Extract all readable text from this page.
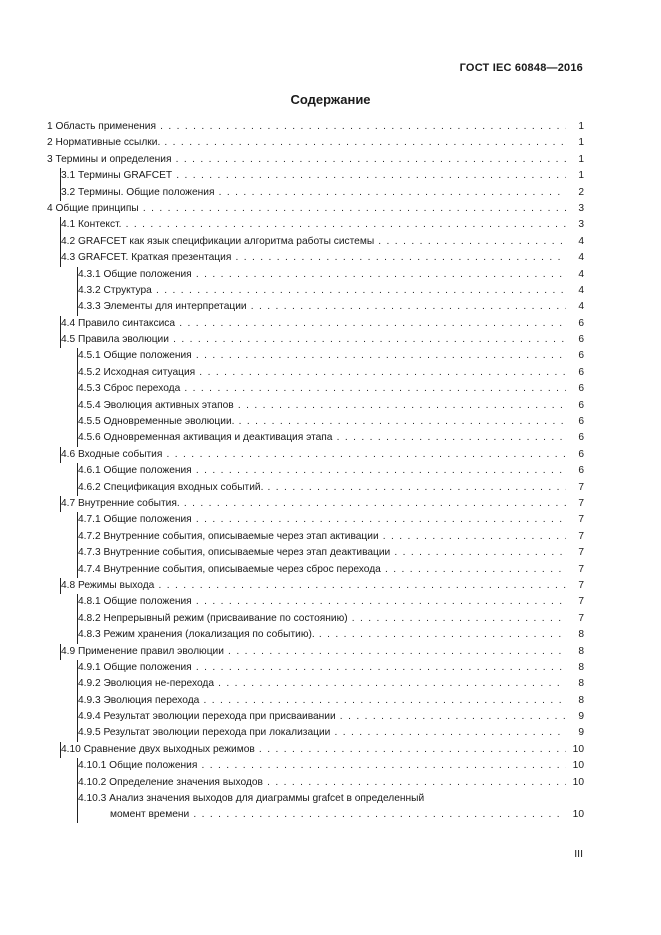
ГОСТ IEC 60848—2016
Содержание
1 Область применения . . .	1
2 Нормативные ссылки. . . .	1
3 Термины и определения . . .	1
3.1 Термины GRAFCET . . .	1
3.2 Термины. Общие положения . . .	2
4 Общие принципы . . .	3
4.1 Контекст. . . .	3
4.2 GRAFCET как язык спецификации алгоритма работы системы . . .	4
4.3 GRAFCET. Краткая презентация . . .	4
4.3.1 Общие положения . . .	4
4.3.2 Структура . . .	4
4.3.3 Элементы для интерпретации . . .	4
4.4 Правило синтаксиса . . .	6
4.5 Правила эволюции . . .	6
4.5.1 Общие положения . . .	6
4.5.2 Исходная ситуация . . .	6
4.5.3 Сброс перехода . . .	6
4.5.4 Эволюция активных этапов . . .	6
4.5.5 Одновременные эволюции. . . .	6
4.5.6 Одновременная активация и деактивация этапа . . .	6
4.6 Входные события . . .	6
4.6.1 Общие положения . . .	6
4.6.2 Спецификация входных событий. . . .	7
4.7 Внутренние события. . . .	7
4.7.1 Общие положения . . .	7
4.7.2 Внутренние события, описываемые через этап активации . . .	7
4.7.3 Внутренние события, описываемые через этап деактивации . . .	7
4.7.4 Внутренние события, описываемые через сброс перехода . . .	7
4.8 Режимы выхода . . .	7
4.8.1 Общие положения . . .	7
4.8.2 Непрерывный режим (присваивание по состоянию) . . .	7
4.8.3 Режим хранения (локализация по событию). . . .	8
4.9 Применение правил эволюции . . .	8
4.9.1 Общие положения . . .	8
4.9.2 Эволюция не-перехода . . .	8
4.9.3 Эволюция перехода . . .	8
4.9.4 Результат эволюции перехода при присваивании . . .	9
4.9.5 Результат эволюции перехода при локализации . . .	9
4.10 Сравнение двух выходных режимов . . .	10
4.10.1 Общие положения . . .	10
4.10.2 Определение значения выходов . . .	10
4.10.3 Анализ значения выходов для диаграммы grafcet в определенный
момент времени . . .	10
III
